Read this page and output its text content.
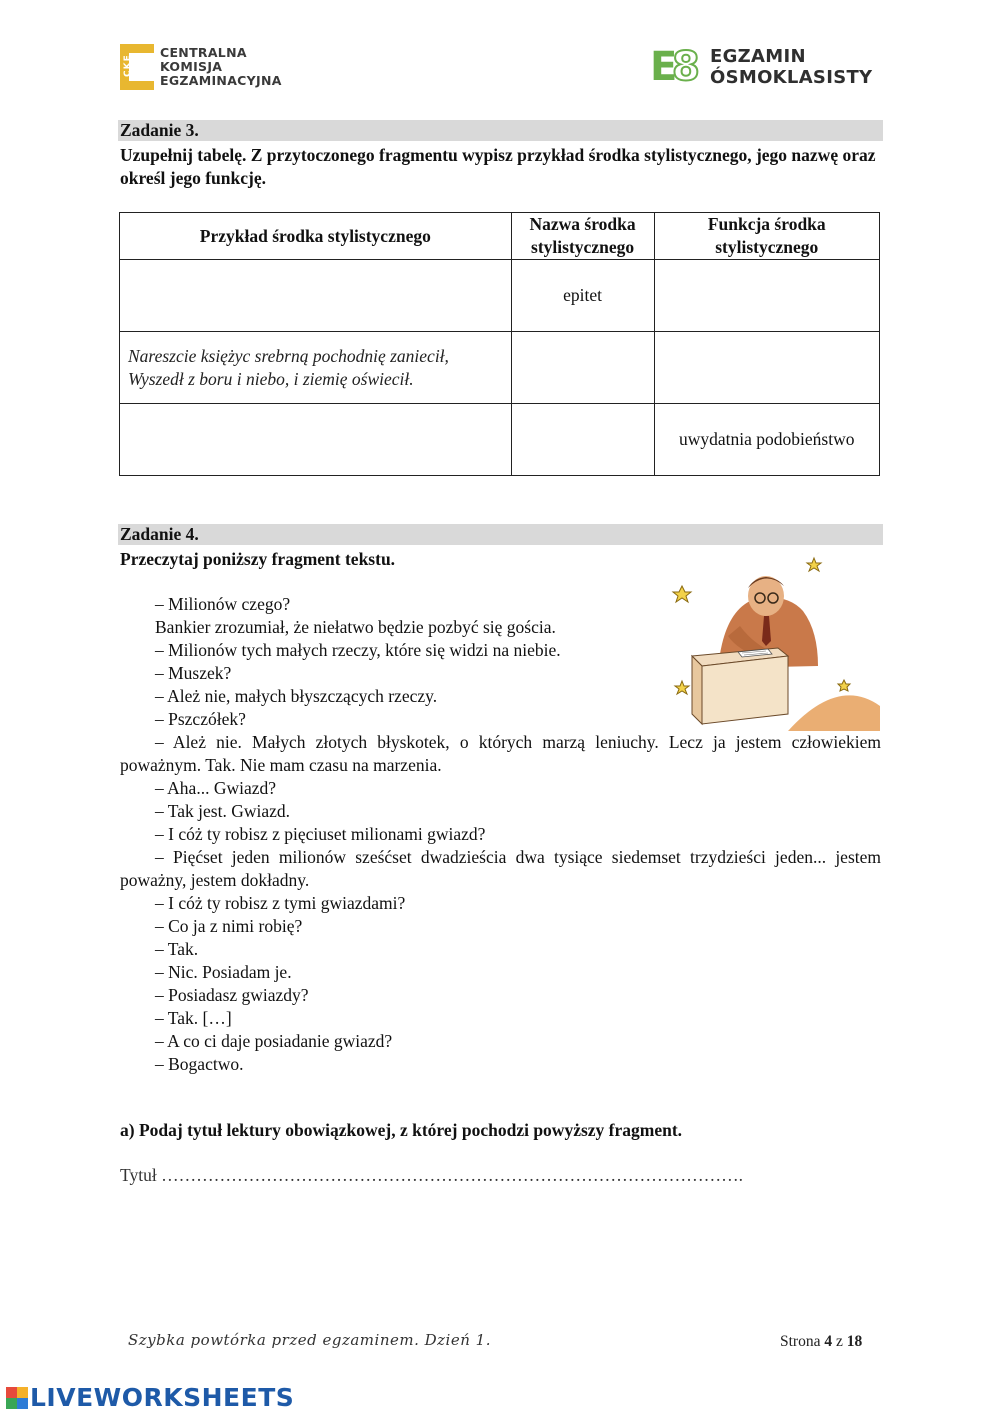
CKE
CENTRALNA
KOMISJA
EGZAMINACYJNA	E
8 EGZAMIN
ÓSMOKLASISTY
Zadanie 3.
Uzupełnij tabelę. Z przytoczonego fragmentu wypisz przykład środka stylistycznego, jego nazwę oraz określ jego funkcję.
Przykład środka stylistycznego	Nazwa środka stylistycznego	Funkcja środka stylistycznego
	epitet	

Nareszcie księżyc srebrną pochodnię zaniecił,
Wyszedł z boru i niebo, i ziemię oświecił.		

		uwydatnia podobieństwo
Zadanie 4.
Przeczytaj poniższy fragment tekstu.

– Milionów czego?

Bankier zrozumiał, że niełatwo będzie pozbyć się gościa.

– Milionów tych małych rzeczy, które się widzi na niebie.

– Muszek?

– Ależ nie, małych błyszczących rzeczy.

– Pszczółek?

– Ależ nie. Małych złotych błyskotek, o których marzą leniuchy. Lecz ja jestem człowiekiem poważnym. Tak. Nie mam czasu na marzenia.

– Aha... Gwiazd?

– Tak jest. Gwiazd.

– I cóż ty robisz z pięciuset milionami gwiazd?

– Pięćset jeden milionów sześćset dwadzieścia dwa tysiące siedemset trzydzieści jeden... jestem poważny, jestem dokładny.

– I cóż ty robisz z tymi gwiazdami?

– Co ja z nimi robię?

– Tak.

– Nic. Posiadam je.

– Posiadasz gwiazdy?

– Tak. […]

– A co ci daje posiadanie gwiazd?

– Bogactwo.

a) Podaj tytuł lektury obowiązkowej, z której pochodzi powyższy fragment.
Tytuł ……………………………………………………………………………………….
Szybka powtórka przed egzaminem. Dzień 1.	Strona 4 z 18
LIVEWORKSHEETS
